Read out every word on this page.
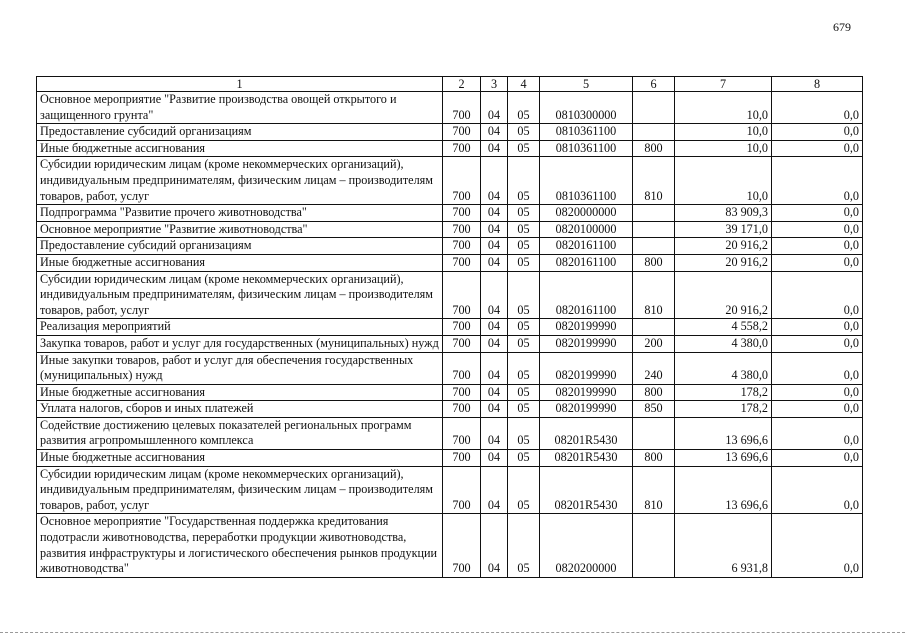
679
1	2	3	4	5	6	7	8
Основное мероприятие "Развитие производства овощей открытого и защищенного грунта"	700	04	05	0810300000		10,0	0,0
Предоставление субсидий организациям	700	04	05	0810361100		10,0	0,0
Иные бюджетные ассигнования	700	04	05	0810361100	800	10,0	0,0
Субсидии юридическим лицам (кроме некоммерческих организаций), индивидуальным предпринимателям, физическим лицам – производителям товаров, работ, услуг	700	04	05	0810361100	810	10,0	0,0
Подпрограмма "Развитие прочего животноводства"	700	04	05	0820000000		83 909,3	0,0
Основное мероприятие "Развитие животноводства"	700	04	05	0820100000		39 171,0	0,0
Предоставление субсидий организациям	700	04	05	0820161100		20 916,2	0,0
Иные бюджетные ассигнования	700	04	05	0820161100	800	20 916,2	0,0
Субсидии юридическим лицам (кроме некоммерческих организаций), индивидуальным предпринимателям, физическим лицам – производителям товаров, работ, услуг	700	04	05	0820161100	810	20 916,2	0,0
Реализация мероприятий	700	04	05	0820199990		4 558,2	0,0
Закупка товаров, работ и услуг для государственных (муниципальных) нужд	700	04	05	0820199990	200	4 380,0	0,0
Иные закупки товаров, работ и услуг для обеспечения государственных (муниципальных) нужд	700	04	05	0820199990	240	4 380,0	0,0
Иные бюджетные ассигнования	700	04	05	0820199990	800	178,2	0,0
Уплата налогов, сборов и иных платежей	700	04	05	0820199990	850	178,2	0,0
Содействие достижению целевых показателей региональных программ развития агропромышленного комплекса	700	04	05	08201R5430		13 696,6	0,0
Иные бюджетные ассигнования	700	04	05	08201R5430	800	13 696,6	0,0
Субсидии юридическим лицам (кроме некоммерческих организаций), индивидуальным предпринимателям, физическим лицам – производителям товаров, работ, услуг	700	04	05	08201R5430	810	13 696,6	0,0
Основное мероприятие "Государственная поддержка кредитования подотрасли животноводства, переработки продукции животноводства, развития инфраструктуры и логистического обеспечения рынков продукции животноводства"	700	04	05	0820200000		6 931,8	0,0
